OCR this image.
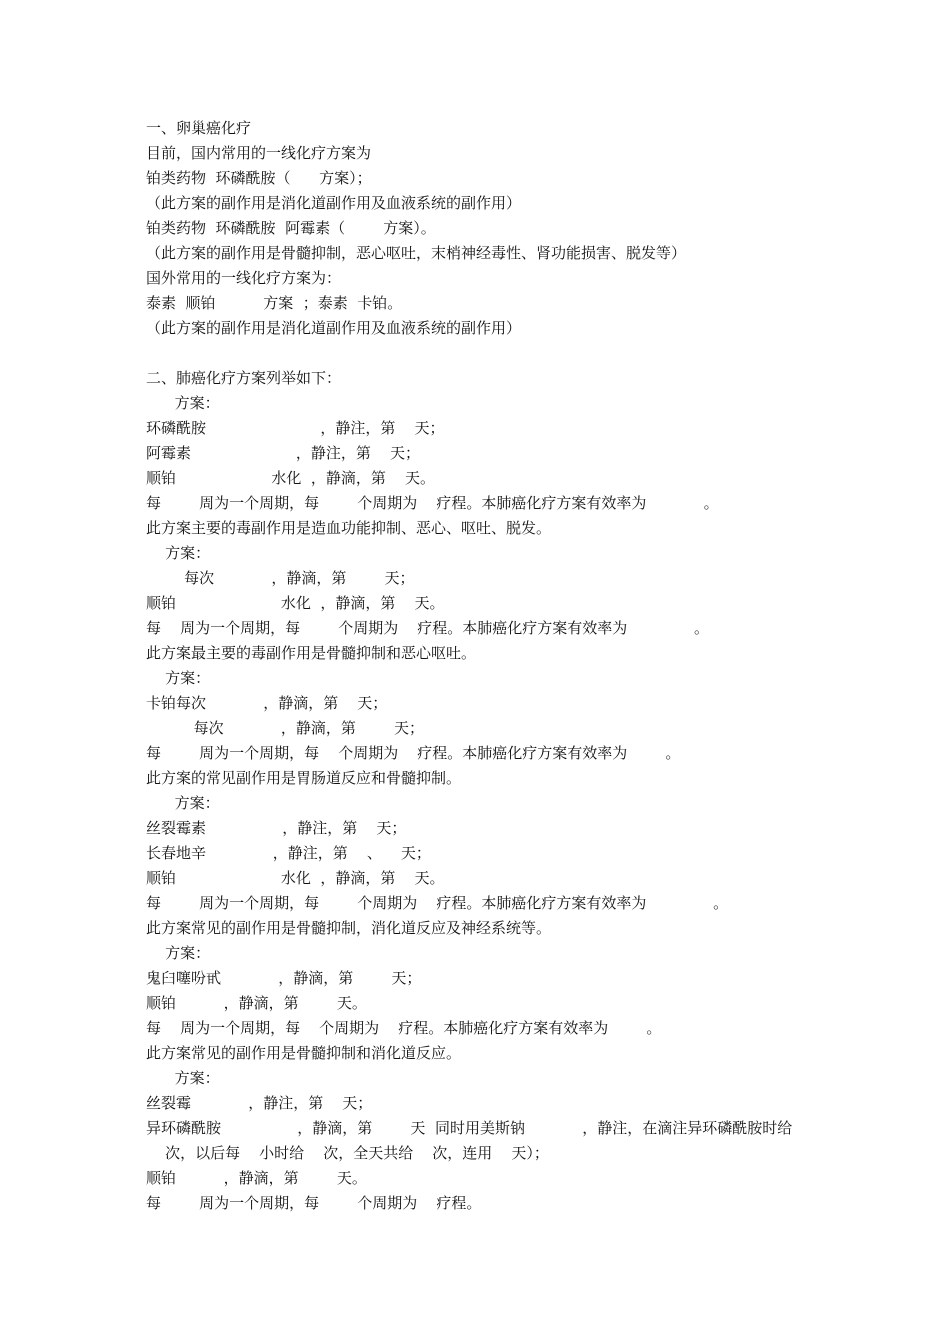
一、卵巢癌化疗
目前，国内常用的一线化疗方案为
铂类药物  环磷酰胺（      方案）；
（此方案的副作用是消化道副作用及血液系统的副作用）
铂类药物  环磷酰胺  阿霉素（        方案）。
（此方案的副作用是骨髓抑制，恶心呕吐，末梢神经毒性、肾功能损害、脱发等）
国外常用的一线化疗方案为：
泰素  顺铂          方案  ；泰素  卡铂。
（此方案的副作用是消化道副作用及血液系统的副作用）
二、肺癌化疗方案列举如下：
方案：
环磷酰胺                        ，静注，第    天；
阿霉素                      ，静注，第    天；
顺铂                    水化  ，静滴，第    天。
每        周为一个周期，每        个周期为    疗程。本肺癌化疗方案有效率为            。
此方案主要的毒副作用是造血功能抑制、恶心、呕吐、脱发。
方案：
每次            ，静滴，第        天；
顺铂                      水化  ，静滴，第    天。
每    周为一个周期，每        个周期为    疗程。本肺癌化疗方案有效率为              。
此方案最主要的毒副作用是骨髓抑制和恶心呕吐。
方案：
卡铂每次            ，静滴，第    天；
每次            ，静滴，第        天；
每        周为一个周期，每    个周期为    疗程。本肺癌化疗方案有效率为        。
此方案的常见副作用是胃肠道反应和骨髓抑制。
方案：
丝裂霉素                ，静注，第    天；
长春地辛              ，静注，第    、    天；
顺铂                      水化  ，静滴，第    天。
每        周为一个周期，每        个周期为    疗程。本肺癌化疗方案有效率为              。
此方案常见的副作用是骨髓抑制，消化道反应及神经系统等。
方案：
鬼臼噻吩甙            ，静滴，第        天；
顺铂          ，静滴，第        天。
每    周为一个周期，每    个周期为    疗程。本肺癌化疗方案有效率为        。
此方案常见的副作用是骨髓抑制和消化道反应。
方案：
丝裂霉            ，静注，第    天；
异环磷酰胺                ，静滴，第        天  同时用美斯钠            ，静注，在滴注异环磷酰胺时给
次，以后每    小时给    次，全天共给    次，连用    天）；
顺铂          ，静滴，第        天。
每        周为一个周期，每        个周期为    疗程。
